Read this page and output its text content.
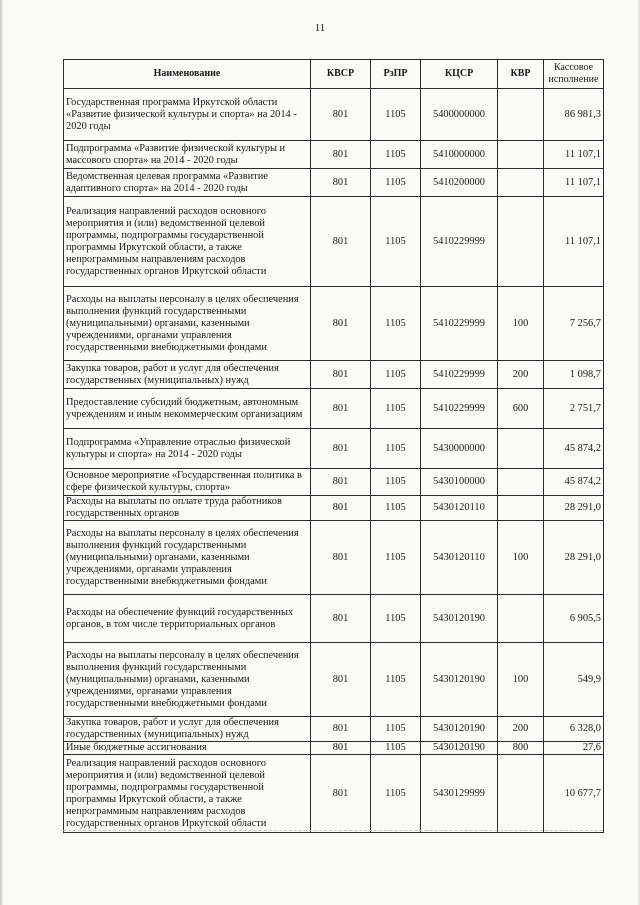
11
Наименование	КВСР	РзПР	КЦСР	КВР	Кассовое исполнение
Государственная программа Иркутской области «Развитие физической культуры и спорта» на 2014 - 2020 годы	801	1105	5400000000		86 981,3
Подпрограмма «Развитие физической культуры и массового спорта» на 2014 - 2020 годы	801	1105	5410000000		11 107,1
Ведомственная целевая программа «Развитие адаптивного спорта» на 2014 - 2020 годы	801	1105	5410200000		11 107,1
Реализация направлений расходов основного мероприятия и (или) ведомственной целевой программы, подпрограммы государственной программы Иркутской области, а также непрограммным направлениям расходов государственных органов Иркутской области	801	1105	5410229999		11 107,1
Расходы на выплаты персоналу в целях обеспечения выполнения функций государственными (муниципальными) органами, казенными учреждениями, органами управления государственными внебюджетными фондами	801	1105	5410229999	100	7 256,7
Закупка товаров, работ и услуг для обеспечения государственных (муниципальных) нужд	801	1105	5410229999	200	1 098,7
Предоставление субсидий бюджетным, автономным учреждениям и иным некоммерческим организациям	801	1105	5410229999	600	2 751,7
Подпрограмма «Управление отраслью физической культуры и спорта» на 2014 - 2020 годы	801	1105	5430000000		45 874,2
Основное мероприятие «Государственная политика в сфере физической культуры, спорта»	801	1105	5430100000		45 874,2
Расходы на выплаты по оплате труда работников государственных органов	801	1105	5430120110		28 291,0
Расходы на выплаты персоналу в целях обеспечения выполнения функций государственными (муниципальными) органами, казенными учреждениями, органами управления государственными внебюджетными фондами	801	1105	5430120110	100	28 291,0
Расходы на обеспечение функций государственных органов, в том числе территориальных органов	801	1105	5430120190		6 905,5
Расходы на выплаты персоналу в целях обеспечения выполнения функций государственными (муниципальными) органами, казенными учреждениями, органами управления государственными внебюджетными фондами	801	1105	5430120190	100	549,9
Закупка товаров, работ и услуг для обеспечения государственных (муниципальных) нужд	801	1105	5430120190	200	6 328,0
Иные бюджетные ассигнования	801	1105	5430120190	800	27,6
Реализация направлений расходов основного мероприятия и (или) ведомственной целевой программы, подпрограммы государственной программы Иркутской области, а также непрограммным направлениям расходов государственных органов Иркутской области	801	1105	5430129999		10 677,7
